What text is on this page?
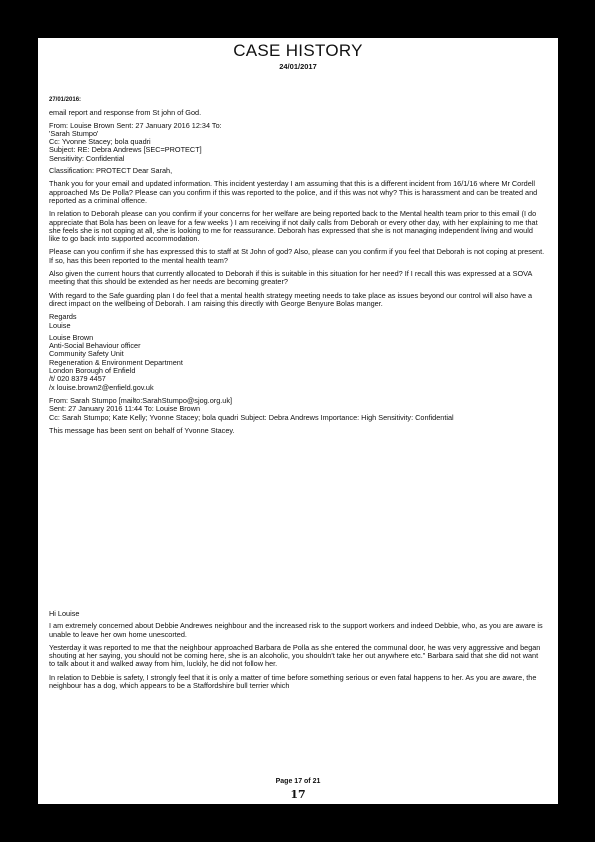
CASE HISTORY
24/01/2017

27/01/2016:

email report and response from St john of God.

From: Louise Brown Sent: 27 January 2016 12:34 To:

'Sarah Stumpo'

Cc: Yvonne Stacey; bola quadri

Subject: RE: Debra Andrews [SEC=PROTECT]

Sensitivity: Confidential

Classification: PROTECT Dear Sarah,

Thank you for your email and updated information. This incident yesterday I am assuming that this is a different incident from 16/1/16 where Mr Cordell approached Ms De Polla? Please can you confirm if this was reported to the police, and if this was not why? This is harassment and can be treated and reported as a criminal offence.

In relation to Deborah please can you confirm if your concerns for her welfare are being reported back to the Mental health team prior to this email (I do appreciate that Bola has been on leave for a few weeks ) I am receiving if not daily calls from Deborah or every other day, with her explaining to me that she feels she is not coping at all, she is looking to me for reassurance. Deborah has expressed that she is not managing independent living and would like to go back into supported accommodation.

Please can you confirm if she has expressed this to staff at St John of god? Also, please can you confirm if you feel that Deborah is not coping at present. If so, has this been reported to the mental health team?

Also given the current hours that currently allocated to Deborah if this is suitable in this situation for her need? If I recall this was expressed at a SOVA meeting that this should be extended as her needs are becoming greater?

With regard to the Safe guarding plan I do feel that a mental health strategy meeting needs to take place as issues beyond our control will also have a direct impact on the wellbeing of Deborah. I am raising this directly with George Benyure Bolas manger.

Regards

Louise

Louise Brown

Anti-Social Behaviour officer

Community Safety Unit

Regeneration & Environment Department

London Borough of Enfield

/t/ 020 8379 4457

/x louise.brown2@enfield.gov.uk

From: Sarah Stumpo [mailto:SarahStumpo@sjog.org.uk]

Sent: 27 January 2016 11:44 To: Louise Brown

Cc: Sarah Stumpo; Kate Kelly; Yvonne Stacey; bola quadri Subject: Debra Andrews Importance: High Sensitivity: Confidential

This message has been sent on behalf of Yvonne Stacey.

Hi Louise

I am extremely concerned about Debbie Andrewes neighbour and the increased risk to the support workers and indeed Debbie, who, as you are aware is unable to leave her own home unescorted.

Yesterday it was reported to me that the neighbour approached Barbara de Polla as she entered the communal door, he was very aggressive and began shouting at her saying, you should not be coming here, she is an alcoholic, you shouldn't take her out anywhere etc." Barbara said that she did not want to talk about it and walked away from him, luckily, he did not follow her.

In relation to Debbie is safety, I strongly feel that it is only a matter of time before something serious or even fatal happens to her. As you are aware, the neighbour has a dog, which appears to be a Staffordshire bull terrier which

Page 17 of 21
17
